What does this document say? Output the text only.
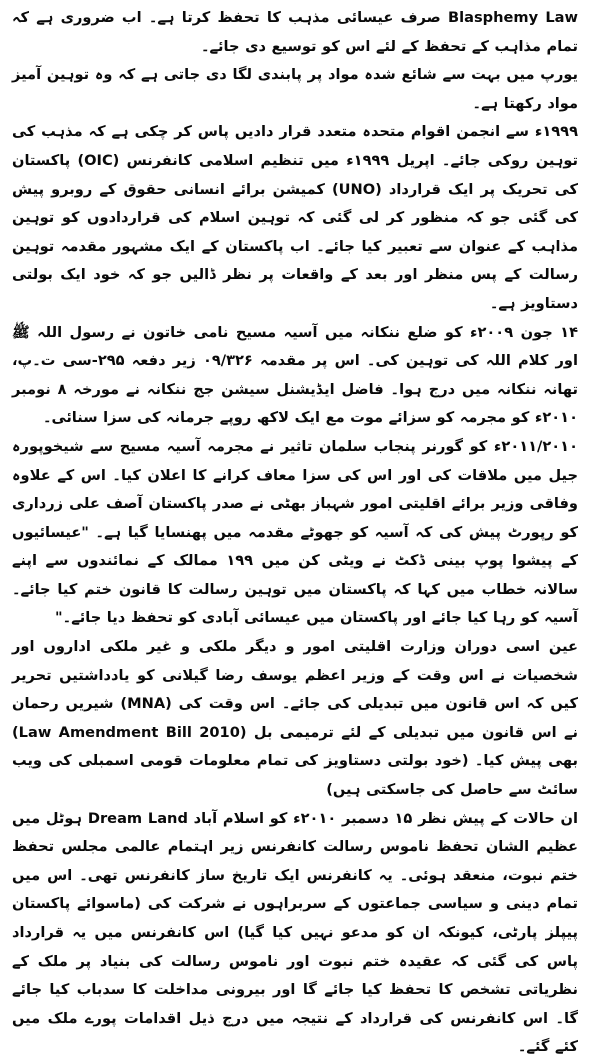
Blasphemy Law صرف عیسائی مذہب کا تحفظ کرتا ہے۔ اب ضروری ہے کہ تمام مذاہب کے تحفظ کے لئے اس کو توسیع دی جائے۔

یورپ میں بہت سے شائع شدہ مواد پر پابندی لگا دی جاتی ہے کہ وہ توہین آمیز مواد رکھتا ہے۔

۱۹۹۹ء سے انجمن اقوام متحدہ متعدد قرار دادیں پاس کر چکی ہے کہ مذہب کی توہین روکی جائے۔ اپریل ۱۹۹۹ء میں تنظیم اسلامی کانفرنس (OIC) پاکستان کی تحریک پر ایک قرارداد (UNO) کمیشن برائے انسانی حقوق کے روبرو پیش کی گئی جو کہ منظور کر لی گئی کہ توہین اسلام کی قراردادوں کو توہین مذاہب کے عنوان سے تعبیر کیا جائے۔ اب پاکستان کے ایک مشہور مقدمہ توہین رسالت کے پس منظر اور بعد کے واقعات پر نظر ڈالیں جو کہ خود ایک بولتی دستاویز ہے۔

۱۴ جون ۲۰۰۹ء کو ضلع ننکانہ میں آسیہ مسیح نامی خاتون نے رسول اللہ ﷺ اور کلام اللہ کی توہین کی۔ اس پر مقدمہ ۰۹/۳۲۶ زیر دفعہ ۲۹۵-سی ت۔پ، تھانہ ننکانہ میں درج ہوا۔ فاضل ایڈیشنل سیشن جج ننکانہ نے مورخہ ۸ نومبر ۲۰۱۰ء کو مجرمہ کو سزائے موت مع ایک لاکھ روپے جرمانہ کی سزا سنائی۔

۲۰۱۱/۲۰۱۰ء کو گورنر پنجاب سلمان تاثیر نے مجرمہ آسیہ مسیح سے شیخوپورہ جیل میں ملاقات کی اور اس کی سزا معاف کرانے کا اعلان کیا۔ اس کے علاوہ وفاقی وزیر برائے اقلیتی امور شہباز بھٹی نے صدر پاکستان آصف علی زرداری کو رپورٹ پیش کی کہ آسیہ کو جھوٹے مقدمہ میں پھنسایا گیا ہے۔ "عیسائیوں کے پیشوا پوپ بینی ڈکٹ نے ویٹی کن میں ۱۹۹ ممالک کے نمائندوں سے اپنے سالانہ خطاب میں کہا کہ پاکستان میں توہین رسالت کا قانون ختم کیا جائے۔ آسیہ کو رہا کیا جائے اور پاکستان میں عیسائی آبادی کو تحفظ دیا جائے۔"

عین اسی دوران وزارت اقلیتی امور و دیگر ملکی و غیر ملکی اداروں اور شخصیات نے اس وقت کے وزیر اعظم یوسف رضا گیلانی کو یادداشتیں تحریر کیں کہ اس قانون میں تبدیلی کی جائے۔ اس وقت کی (MNA) شیریں رحمان نے اس قانون میں تبدیلی کے لئے ترمیمی بل (Law Amendment Bill 2010) بھی پیش کیا۔ (خود بولتی دستاویز کی تمام معلومات قومی اسمبلی کی ویب سائٹ سے حاصل کی جاسکتی ہیں)

ان حالات کے پیش نظر ۱۵ دسمبر ۲۰۱۰ء کو اسلام آباد Dream Land ہوٹل میں عظیم الشان تحفظ ناموس رسالت کانفرنس زیر اہتمام عالمی مجلس تحفظ ختم نبوت، منعقد ہوئی۔ یہ کانفرنس ایک تاریخ ساز کانفرنس تھی۔ اس میں تمام دینی و سیاسی جماعتوں کے سربراہوں نے شرکت کی (ماسوائے پاکستان پیپلز پارٹی، کیونکہ ان کو مدعو نہیں کیا گیا) اس کانفرنس میں یہ قرارداد پاس کی گئی کہ عقیدہ ختم نبوت اور ناموس رسالت کی بنیاد پر ملک کے نظریاتی تشخص کا تحفظ کیا جائے گا اور بیرونی مداخلت کا سدباب کیا جائے گا۔ اس کانفرنس کی قرارداد کے نتیجہ میں درج ذیل اقدامات پورے ملک میں کئے گئے۔
